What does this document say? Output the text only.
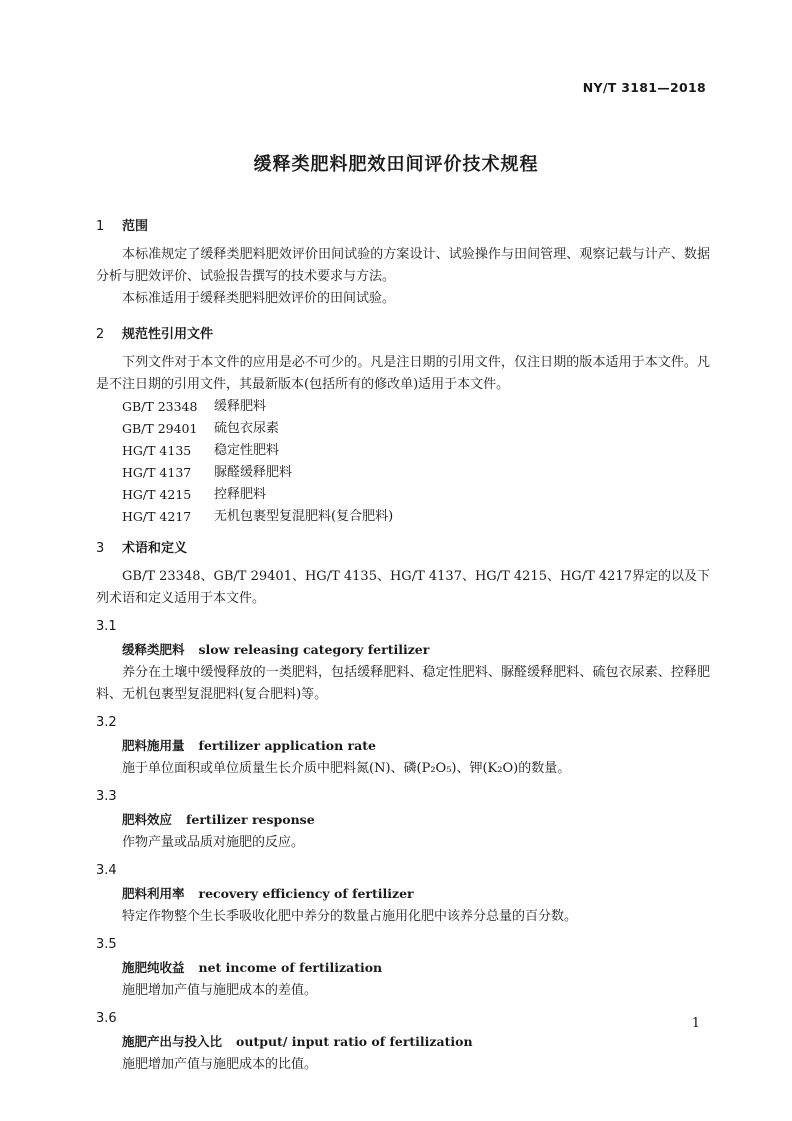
NY/T 3181—2018
缓释类肥料肥效田间评价技术规程
1	范围

本标准规定了缓释类肥料肥效评价田间试验的方案设计、试验操作与田间管理、观察记载与计产、数据分析与肥效评价、试验报告撰写的技术要求与方法。

本标准适用于缓释类肥料肥效评价的田间试验。

2	规范性引用文件

下列文件对于本文件的应用是必不可少的。凡是注日期的引用文件，仅注日期的版本适用于本文件。凡是不注日期的引用文件，其最新版本(包括所有的修改单)适用于本文件。

GB/T 23348	缓释肥料
GB/T 29401	硫包衣尿素
HG/T 4135	稳定性肥料
HG/T 4137	脲醛缓释肥料
HG/T 4215	控释肥料
HG/T 4217	无机包裹型复混肥料(复合肥料)
3	术语和定义

GB/T 23348、GB/T 29401、HG/T 4135、HG/T 4137、HG/T 4215、HG/T 4217界定的以及下列术语和定义适用于本文件。

3.1
缓释类肥料 slow releasing category fertilizer

养分在土壤中缓慢释放的一类肥料，包括缓释肥料、稳定性肥料、脲醛缓释肥料、硫包衣尿素、控释肥料、无机包裹型复混肥料(复合肥料)等。

3.2
肥料施用量 fertilizer application rate

施于单位面积或单位质量生长介质中肥料氮(N)、磷(P₂O₅)、钾(K₂O)的数量。

3.3
肥料效应 fertilizer response

作物产量或品质对施肥的反应。

3.4
肥料利用率 recovery efficiency of fertilizer

特定作物整个生长季吸收化肥中养分的数量占施用化肥中该养分总量的百分数。

3.5
施肥纯收益 net income of fertilization

施肥增加产值与施肥成本的差值。

3.6
施肥产出与投入比 output/ input ratio of fertilization

施肥增加产值与施肥成本的比值。

1
